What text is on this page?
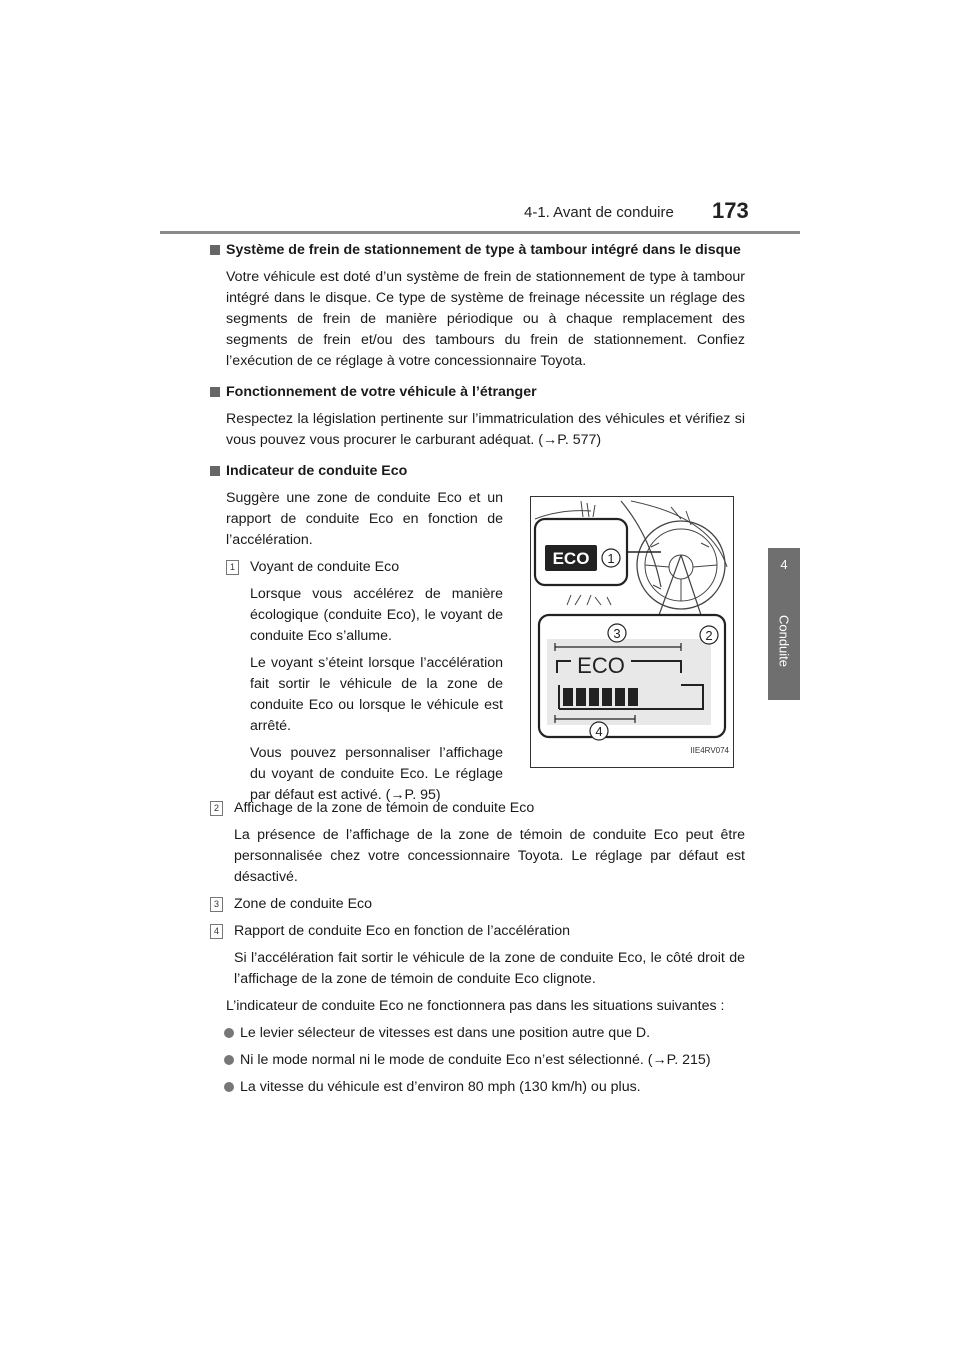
4-1. Avant de conduire 173
4
Conduite
Système de frein de stationnement de type à tambour intégré dans le disque

Votre véhicule est doté d’un système de frein de stationnement de type à tambour intégré dans le disque. Ce type de système de freinage nécessite un réglage des segments de frein de manière périodique ou à chaque remplacement des segments de frein et/ou des tambours du frein de stationnement. Confiez l’exécution de ce réglage à votre concessionnaire Toyota.

Fonctionnement de votre véhicule à l’étranger

Respectez la législation pertinente sur l’immatriculation des véhicules et vérifiez si vous pouvez vous procurer le carburant adéquat. (→P. 577)

Indicateur de conduite Eco
Suggère une zone de conduite Eco et un rapport de conduite Eco en fonction de l’accélération.
1 Voyant de conduite Eco
Lorsque vous accélérez de manière écologique (conduite Eco), le voyant de conduite Eco s’allume.
Le voyant s’éteint lorsque l’accélération fait sortir le véhicule de la zone de conduite Eco ou lorsque le véhicule est arrêté.
Vous pouvez personnaliser l’affichage du voyant de conduite Eco. Le réglage par défaut est activé. (→P. 95)
ECO 1
3	2
ECO
4
IIE4RV074
2 Affichage de la zone de témoin de conduite Eco
La présence de l’affichage de la zone de témoin de conduite Eco peut être personnalisée chez votre concessionnaire Toyota. Le réglage par défaut est désactivé.
3 Zone de conduite Eco
4 Rapport de conduite Eco en fonction de l’accélération
Si l’accélération fait sortir le véhicule de la zone de conduite Eco, le côté droit de l’affichage de la zone de témoin de conduite Eco clignote.
L’indicateur de conduite Eco ne fonctionnera pas dans les situations suivantes :
Le levier sélecteur de vitesses est dans une position autre que D.
Ni le mode normal ni le mode de conduite Eco n’est sélectionné. (→P. 215)
La vitesse du véhicule est d’environ 80 mph (130 km/h) ou plus.
